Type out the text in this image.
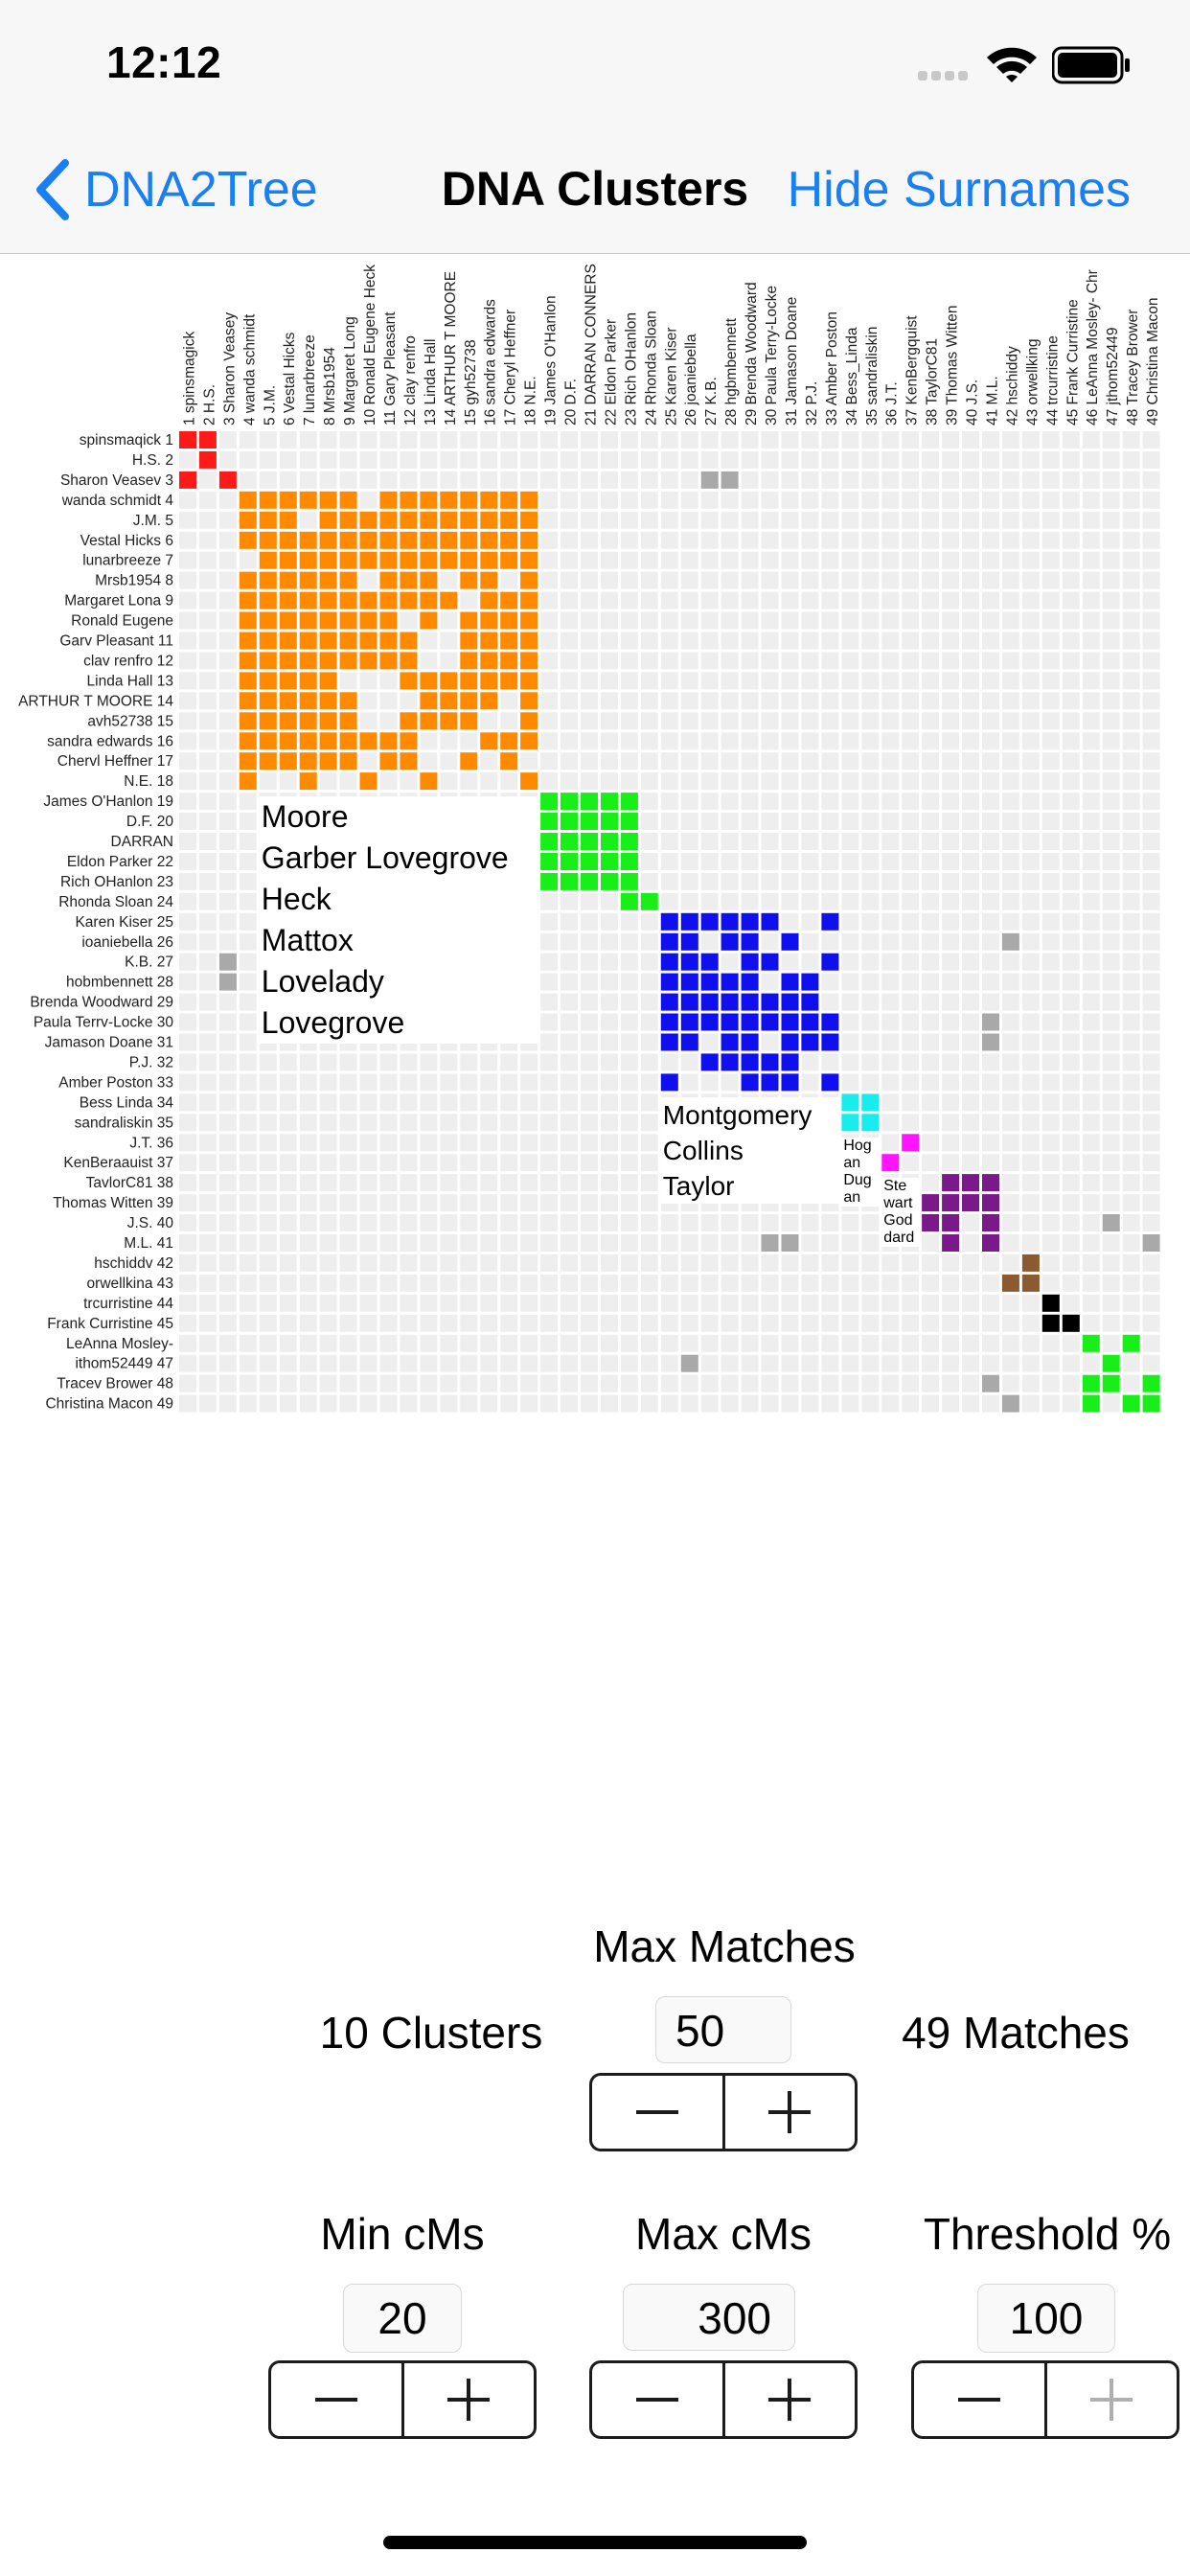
12:12
DNA2Tree	DNA Clusters Hide Surnames
1 spinsmagick 2 H.S. 3 Sharon Veasey 4 wanda schmidt 5 J.M. 6 Vestal Hicks 7 lunarbreeze 8 Mrsb1954 9 Margaret Long 10 Ronald Eugene Heck 11 Gary Pleasant 12 clay renfro 13 Linda Hall 14 ARTHUR T MOORE 15 gyh52738 16 sandra edwards 17 Cheryl Heffner 18 N.E. 19 James O'Hanlon 20 D.F. 21 DARRAN CONNERS 22 Eldon Parker 23 Rich OHanlon 24 Rhonda Sloan 25 Karen Kiser 26 joaniebella 27 K.B. 28 hgbmbennett 29 Brenda Woodward 30 Paula Terry-Locke 31 Jamason Doane 32 P.J. 33 Amber Poston 34 Bess_Linda 35 sandraliskin 36 J.T. 37 KenBergquist 38 TaylorC81 39 Thomas Witten 40 J.S. 41 M.L. 42 hschiddy 43 orwellking 44 trcurristine 45 Frank Curristine 46 LeAnna Mosley- Chr 47 jthom52449 48 Tracey Brower 49 Christina Macon
spinsmaqick 1
H.S. 2
Sharon Veasev 3
wanda schmidt 4
J.M. 5
Vestal Hicks 6
lunarbreeze 7
Mrsb1954 8
Margaret Lona 9
Ronald Eugene
Garv Pleasant 11
clav renfro 12
Linda Hall 13
ARTHUR T MOORE 14
avh52738 15
sandra edwards 16
Chervl Heffner 17
N.E. 18
James O'Hanlon 19
D.F. 20
DARRAN
Eldon Parker 22
Rich OHanlon 23
Rhonda Sloan 24
Karen Kiser 25
ioaniebella 26
K.B. 27
hobmbennett 28
Brenda Woodward 29
Paula Terrv-Locke 30
Jamason Doane 31
P.J. 32
Amber Poston 33
Bess Linda 34
sandraliskin 35
J.T. 36
KenBeraauist 37
TavlorC81 38
Thomas Witten 39
J.S. 40
M.L. 41
hschiddv 42
orwellkina 43
trcurristine 44
Frank Curristine 45
LeAnna Mosley-
ithom52449 47
Tracev Brower 48
Christina Macon 49
Moore
Garber Lovegrove
Heck
Mattox
Lovelady
Lovegrove
Montgomery
Collins
Taylor
Hog
an
Dug
an
Ste
wart
God
dard
Max Matches
10 Clusters	50	49 Matches
Min cMs
20
Max cMs
300
Threshold %
100
